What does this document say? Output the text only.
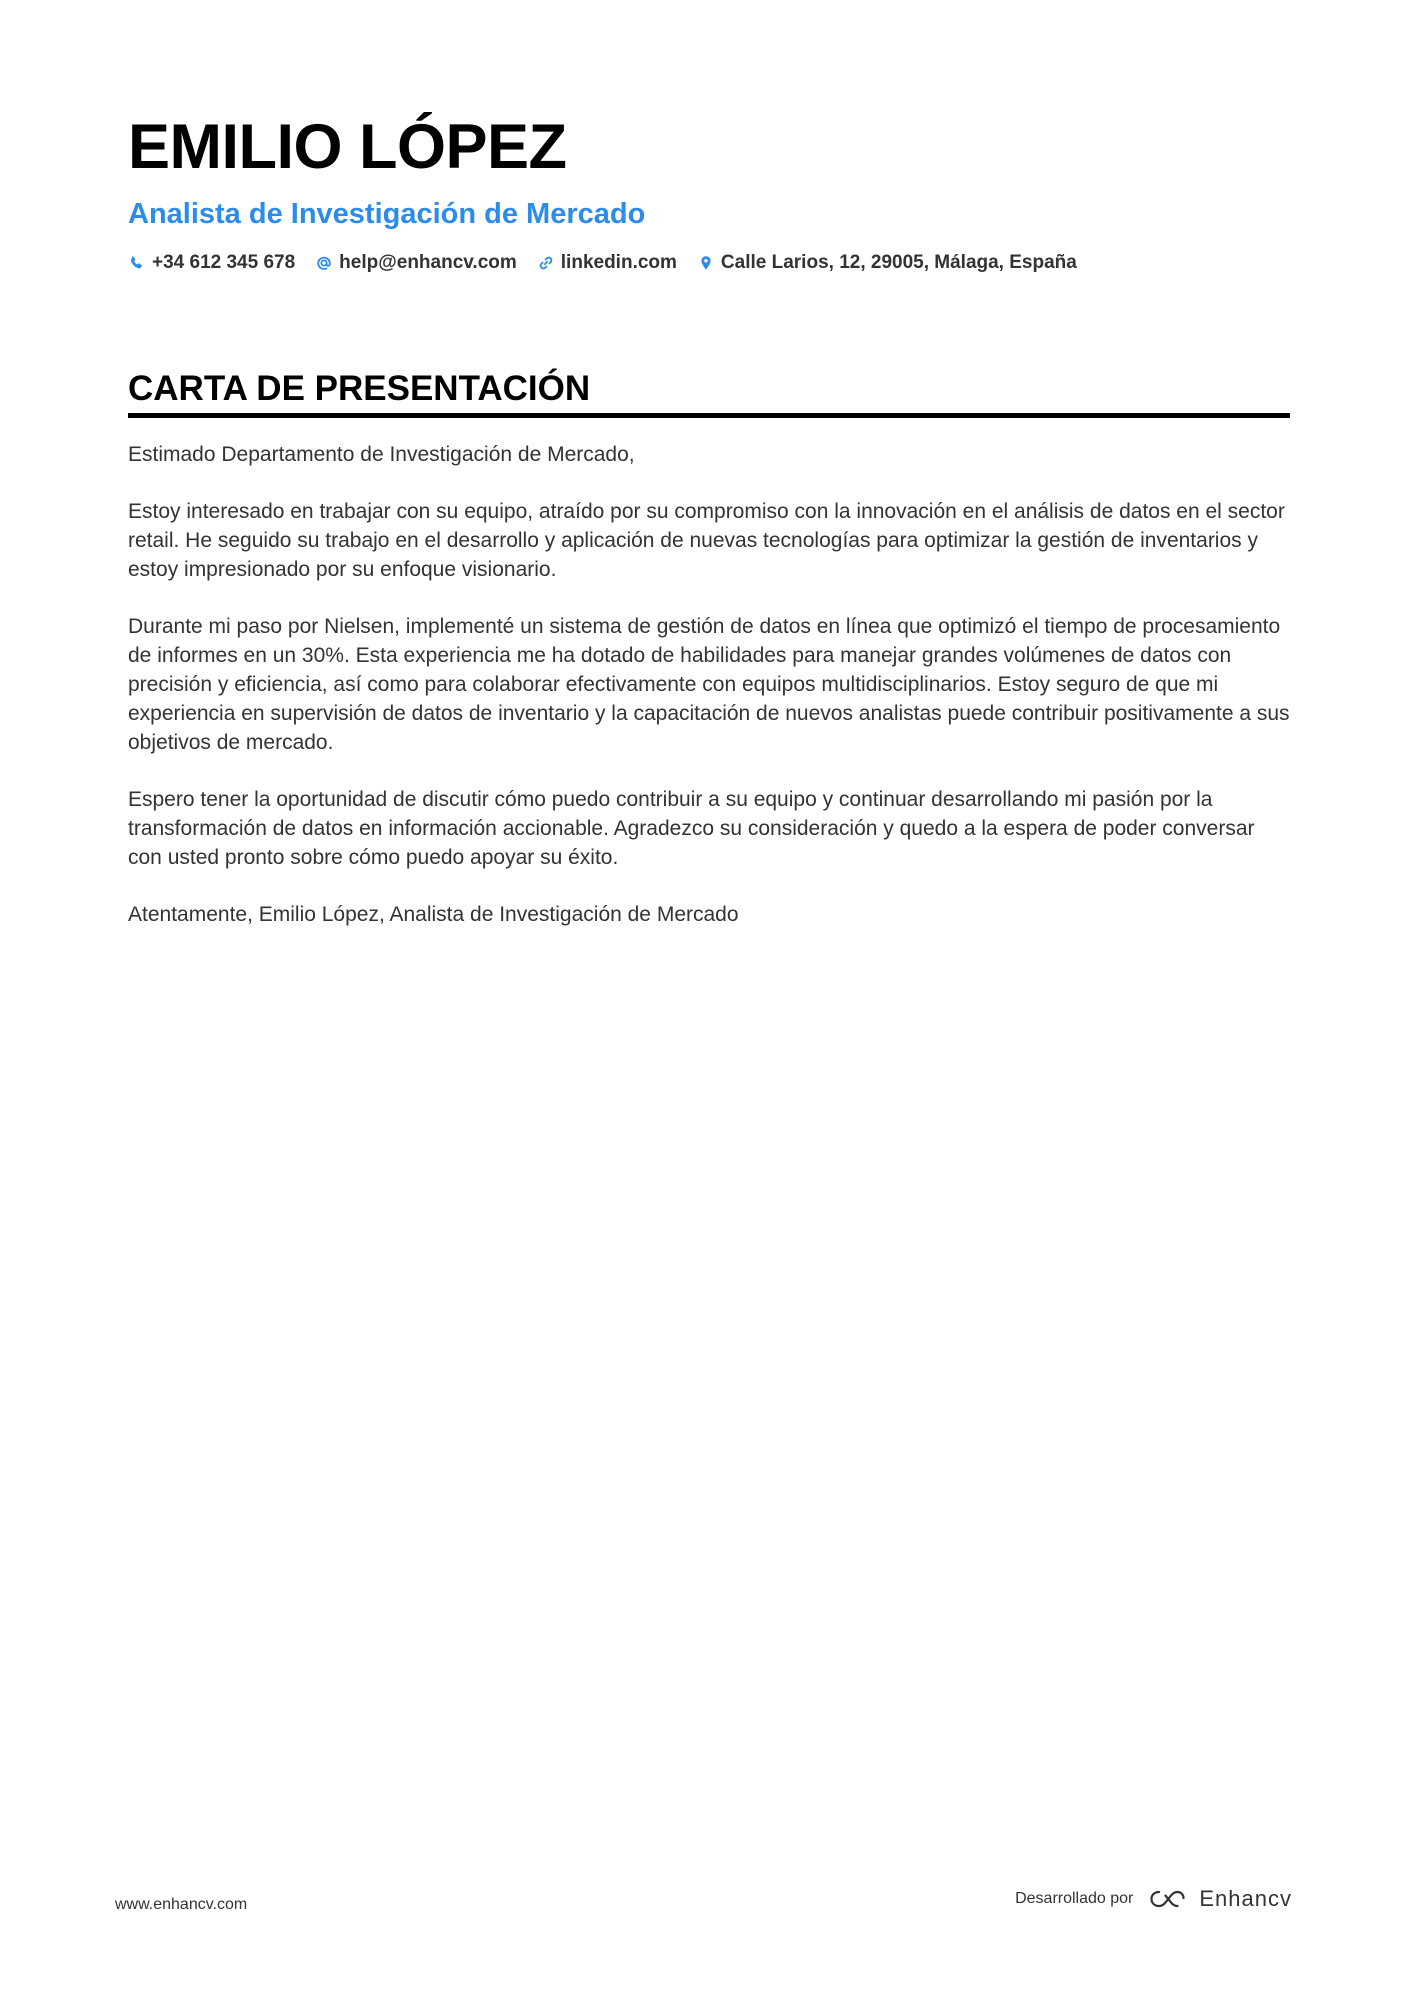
EMILIO LÓPEZ
Analista de Investigación de Mercado
+34 612 345 678 help@enhancv.com linkedin.com Calle Larios, 12, 29005, Málaga, España
CARTA DE PRESENTACIÓN

Estimado Departamento de Investigación de Mercado,

Estoy interesado en trabajar con su equipo, atraído por su compromiso con la innovación en el análisis de datos en el sector retail. He seguido su trabajo en el desarrollo y aplicación de nuevas tecnologías para optimizar la gestión de inventarios y estoy impresionado por su enfoque visionario.

Durante mi paso por Nielsen, implementé un sistema de gestión de datos en línea que optimizó el tiempo de procesamiento de informes en un 30%. Esta experiencia me ha dotado de habilidades para manejar grandes volúmenes de datos con precisión y eficiencia, así como para colaborar efectivamente con equipos multidisciplinarios. Estoy seguro de que mi experiencia en supervisión de datos de inventario y la capacitación de nuevos analistas puede contribuir positivamente a sus objetivos de mercado.

Espero tener la oportunidad de discutir cómo puedo contribuir a su equipo y continuar desarrollando mi pasión por la transformación de datos en información accionable. Agradezco su consideración y quedo a la espera de poder conversar con usted pronto sobre cómo puedo apoyar su éxito.

Atentamente, Emilio López, Analista de Investigación de Mercado

www.enhancv.com	Desarrollado por	Enhancv
